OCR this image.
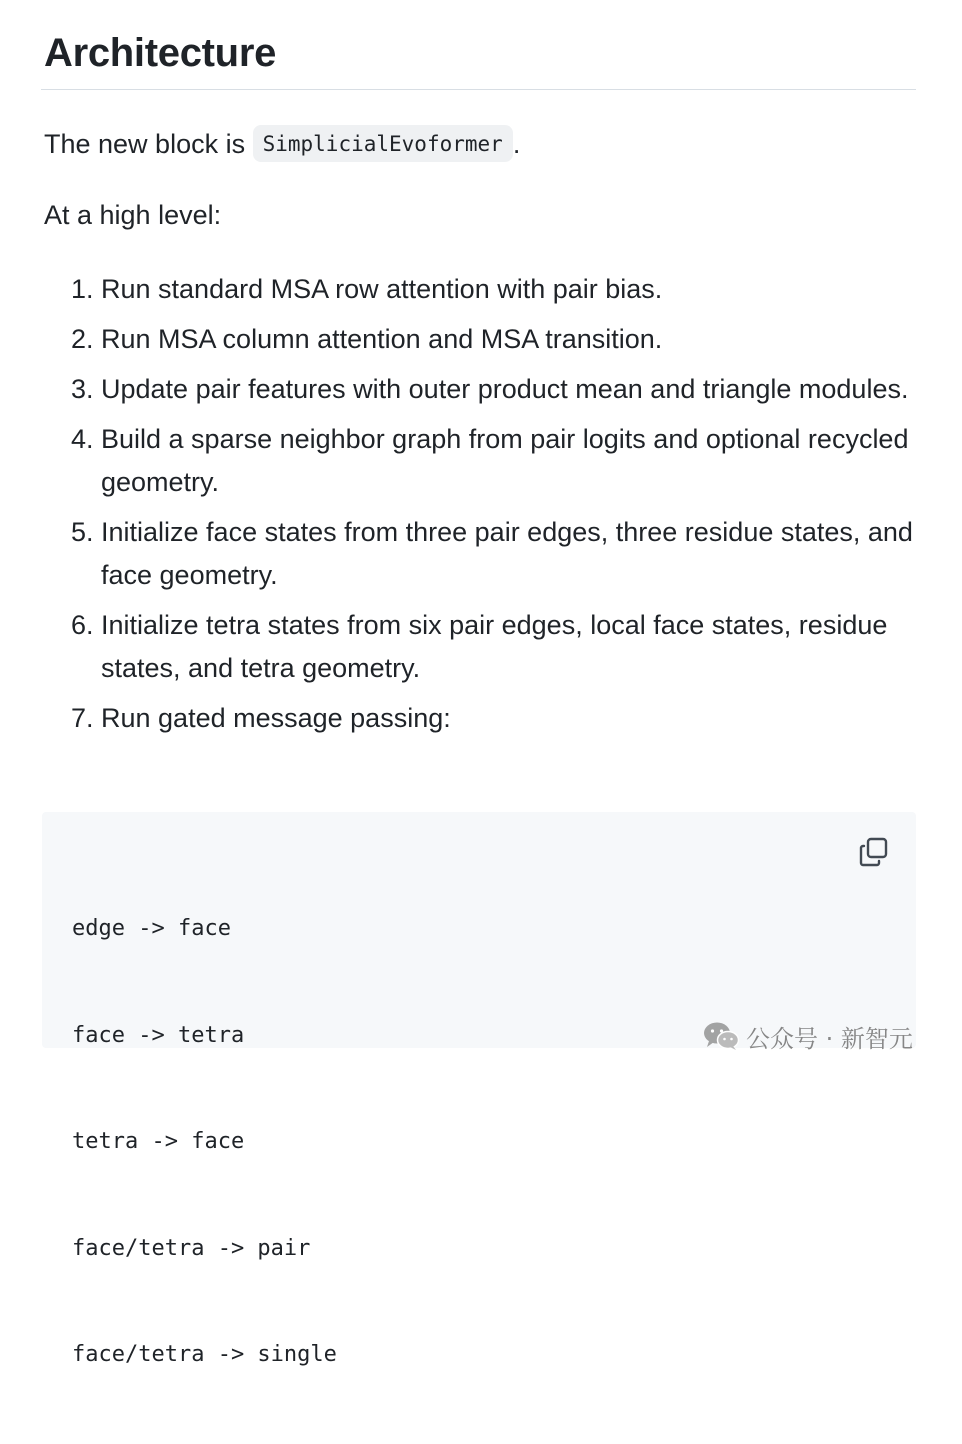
Architecture

The new block is SimplicialEvoformer .

At a high level:

1. Run standard MSA row attention with pair bias.
2. Run MSA column attention and MSA transition.
3. Update pair features with outer product mean and triangle modules.
4. Build a sparse neighbor graph from pair logits and optional recycled geometry.
5. Initialize face states from three pair edges, three residue states, and face geometry.
6. Initialize tetra states from six pair edges, local face states, residue states, and tetra geometry.
7. Run gated message passing:

edge -> face

face -> tetra

tetra -> face

face/tetra -> pair

face/tetra -> single

公众号 · 新智元
